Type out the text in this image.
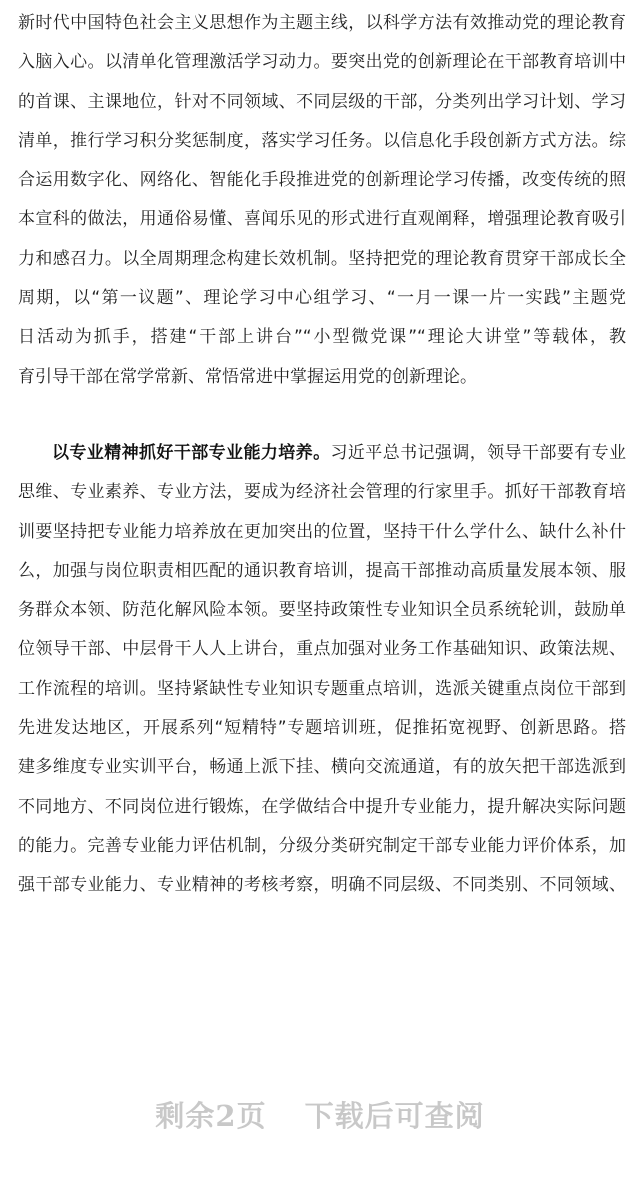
新时代中国特色社会主义思想作为主题主线，以科学方法有效推动党的理论教育
入脑入心。以清单化管理激活学习动力。要突出党的创新理论在干部教育培训中
的首课、主课地位，针对不同领域、不同层级的干部，分类列出学习计划、学习
清单，推行学习积分奖惩制度，落实学习任务。以信息化手段创新方式方法。综
合运用数字化、网络化、智能化手段推进党的创新理论学习传播，改变传统的照
本宣科的做法，用通俗易懂、喜闻乐见的形式进行直观阐释，增强理论教育吸引
力和感召力。以全周期理念构建长效机制。坚持把党的理论教育贯穿干部成长全
周期，以“第一议题”、理论学习中心组学习、“一月一课一片一实践”主题党
日活动为抓手，搭建“干部上讲台”“小型微党课”“理论大讲堂”等载体，教
育引导干部在常学常新、常悟常进中掌握运用党的创新理论。
以专业精神抓好干部专业能力培养。习近平总书记强调，领导干部要有专业
思维、专业素养、专业方法，要成为经济社会管理的行家里手。抓好干部教育培
训要坚持把专业能力培养放在更加突出的位置，坚持干什么学什么、缺什么补什
么，加强与岗位职责相匹配的通识教育培训，提高干部推动高质量发展本领、服
务群众本领、防范化解风险本领。要坚持政策性专业知识全员系统轮训，鼓励单
位领导干部、中层骨干人人上讲台，重点加强对业务工作基础知识、政策法规、
工作流程的培训。坚持紧缺性专业知识专题重点培训，选派关键重点岗位干部到
先进发达地区，开展系列“短精特”专题培训班，促推拓宽视野、创新思路。搭
建多维度专业实训平台，畅通上派下挂、横向交流通道，有的放矢把干部选派到
不同地方、不同岗位进行锻炼，在学做结合中提升专业能力，提升解决实际问题
的能力。完善专业能力评估机制，分级分类研究制定干部专业能力评价体系，加
强干部专业能力、专业精神的考核考察，明确不同层级、不同类别、不同领域、
剩余2页 下载后可查阅
